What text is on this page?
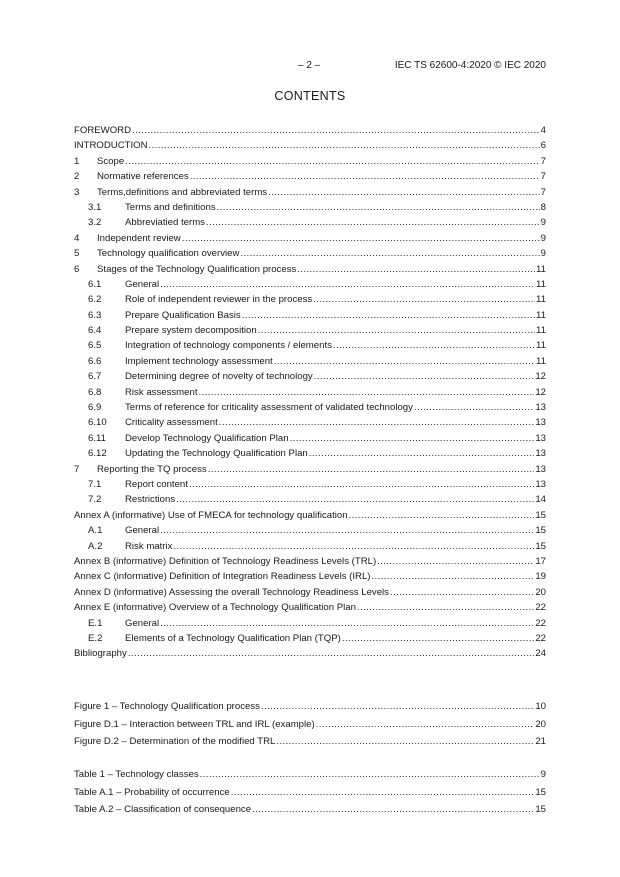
– 2 –	IEC TS 62600-4:2020 © IEC 2020
CONTENTS
FOREWORD .....	4
INTRODUCTION .....	6
1	Scope .....	7
2	Normative references .....	7
3	Terms,definitions and abbreviated terms .....	7
3.1	Terms and definitions .....	8
3.2	Abbreviatied terms .....	9
4	Independent review .....	9
5	Technology qualification overview .....	9
6	Stages of the Technology Qualification process .....	11
6.1	General .....	11
6.2	Role of independent reviewer in the process .....	11
6.3	Prepare Qualification Basis .....	11
6.4	Prepare system decomposition .....	11
6.5	Integration of technology components / elements .....	11
6.6	Implement technology assessment .....	11
6.7	Determining degree of novelty of technology .....	12
6.8	Risk assessment .....	12
6.9	Terms of reference for criticality assessment of validated technology .....	13
6.10	Criticality assessment .....	13
6.11	Develop Technology Qualification Plan .....	13
6.12	Updating the Technology Qualification Plan .....	13
7	Reporting the TQ process .....	13
7.1	Report content .....	13
7.2	Restrictions .....	14
Annex A (informative) Use of FMECA for technology qualification .....	15
A.1	General .....	15
A.2	Risk matrix .....	15
Annex B (informative) Definition of Technology Readiness Levels (TRL) .....	17
Annex C (informative) Definition of Integration Readiness Levels (IRL) .....	19
Annex D (informative) Assessing the overall Technology Readiness Levels .....	20
Annex E (informative) Overview of a Technology Qualification Plan .....	22
E.1	General .....	22
E.2	Elements of a Technology Qualification Plan (TQP) .....	22
Bibliography .....	24
Figure 1 – Technology Qualification process .....	10
Figure D.1 – Interaction between TRL and IRL (example) .....	20
Figure D.2 – Determination of the modified TRL .....	21
Table 1 – Technology classes .....	9
Table A.1 – Probability of occurrence .....	15
Table A.2 – Classification of consequence .....	15
